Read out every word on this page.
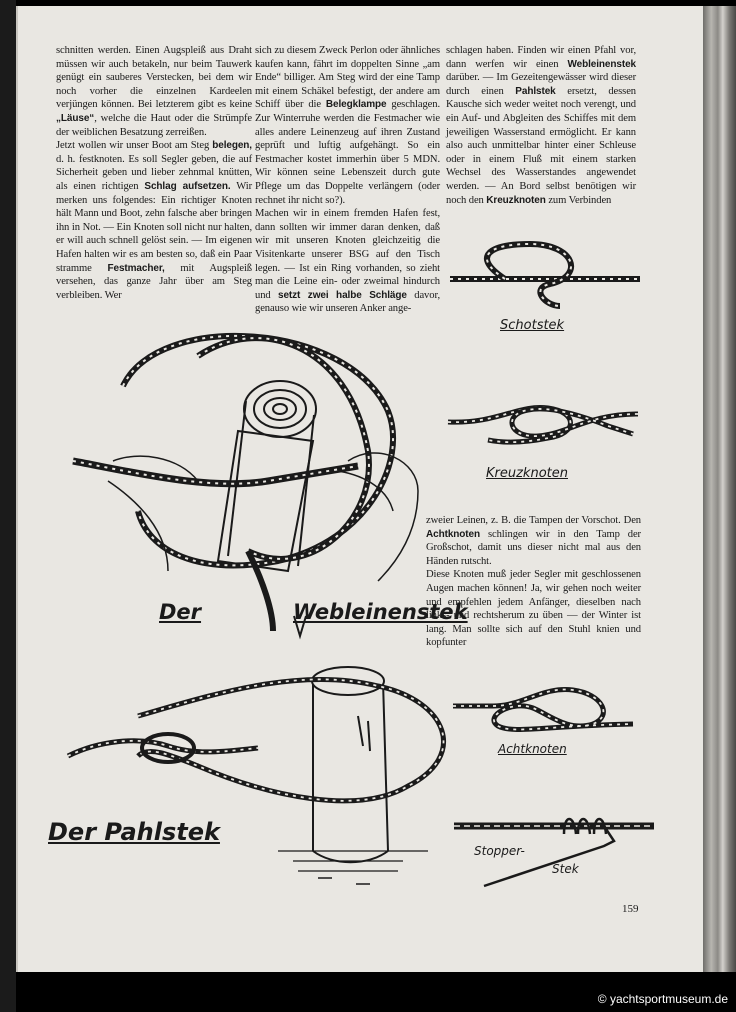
schnitten werden. Einen Augspleiß aus Draht müssen wir auch betakeln, nur beim Tauwerk genügt ein sauberes Verstecken, bei dem wir noch vorher die einzelnen Kardeelen verjüngen können. Bei letzterem gibt es keine „Läuse“, welche die Haut oder die Strümpfe der weiblichen Besatzung zerreißen.

Jetzt wollen wir unser Boot am Steg belegen, d. h. festknoten. Es soll Segler geben, die auf Sicherheit geben und lieber zehnmal knütten, als einen richtigen Schlag aufsetzen. Wir merken uns folgendes: Ein richtiger Knoten hält Mann und Boot, zehn falsche aber bringen ihn in Not. — Ein Knoten soll nicht nur halten, er will auch schnell gelöst sein. — Im eigenen Hafen halten wir es am besten so, daß ein Paar stramme Festmacher, mit Augspleiß versehen, das ganze Jahr über am Steg verbleiben. Wer

sich zu diesem Zweck Perlon oder ähnliches kaufen kann, fährt im doppelten Sinne „am Ende“ billiger. Am Steg wird der eine Tamp mit einem Schäkel befestigt, der andere am Schiff über die Belegklampe geschlagen. Zur Winterruhe werden die Festmacher wie alles andere Leinenzeug auf ihren Zustand geprüft und luftig aufgehängt. So ein Festmacher kostet immerhin über 5 MDN. Wir können seine Lebenszeit durch gute Pflege um das Doppelte verlängern (oder rechnet ihr nicht so?).

Machen wir in einem fremden Hafen fest, dann sollten wir immer daran denken, daß wir mit unseren Knoten gleichzeitig die Visitenkarte unserer BSG auf den Tisch legen. — Ist ein Ring vorhanden, so zieht man die Leine ein- oder zweimal hindurch und setzt zwei halbe Schläge davor, genauso wie wir unseren Anker ange-

schlagen haben. Finden wir einen Pfahl vor, dann werfen wir einen Webleinenstek darüber. — Im Gezeitengewässer wird dieser durch einen Pahlstek ersetzt, dessen Kausche sich weder weitet noch verengt, und ein Auf- und Abgleiten des Schiffes mit dem jeweiligen Wasserstand ermöglicht. Er kann also auch unmittelbar hinter einer Schleuse oder in einem Fluß mit einem starken Wechsel des Wasserstandes angewendet werden. — An Bord selbst benötigen wir noch den Kreuzknoten zum Verbinden

zweier Leinen, z. B. die Tampen der Vorschot. Den Achtknoten schlingen wir in den Tamp der Großschot, damit uns dieser nicht mal aus den Händen rutscht.

Diese Knoten muß jeder Segler mit geschlossenen Augen machen können! Ja, wir gehen noch weiter und empfehlen jedem Anfänger, dieselben nach links- und rechtsherum zu üben — der Winter ist lang. Man sollte sich auf den Stuhl knien und kopfunter

Der	Webleinenstek
Der Pahlstek
Schotstek
Kreuzknoten
Achtknoten
Stopper-
Stek
159
© yachtsportmuseum.de
